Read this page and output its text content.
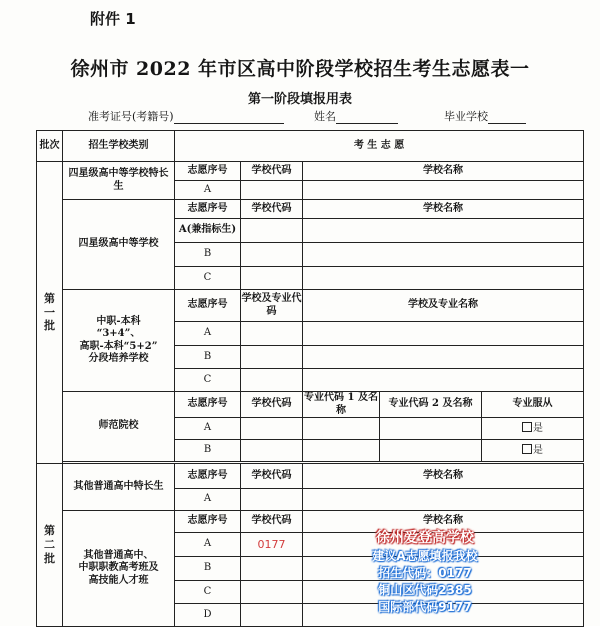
附件 1
徐州市 2022 年市区高中阶段学校招生考生志愿表一
第一阶段填报用表
准考证号(考籍号)	姓名	毕业学校
批次	招生学校类别	考 生 志 愿				
第一批	四星级高中等学校特长生	志愿序号	学校代码	学校名称		
		A				
	四星级高中等学校	志愿序号	学校代码	学校名称		
		A(兼指标生)				
		B				
		C				

	中职-本科
“3+4”、
高职-本科“5+2”
分段培养学校	志愿序号	学校及专业代码	学校及专业名称		
		A				
		B				
		C				
	师范院校	志愿序号	学校代码	专业代码 1 及名称	专业代码 2 及名称	专业服从
		A				是
		B				是

第二批	其他普通高中特长生	志愿序号	学校代码	学校名称		
		A				

	其他普通高中、
中职职教高考班及
高技能人才班	志愿序号	学校代码	学校名称		
		A	0177			
		B				
		C				
		D				
徐州爱登高学校
建议A志愿填报我校
招生代码：0177
铜山区代码2385
国际部代码9177
